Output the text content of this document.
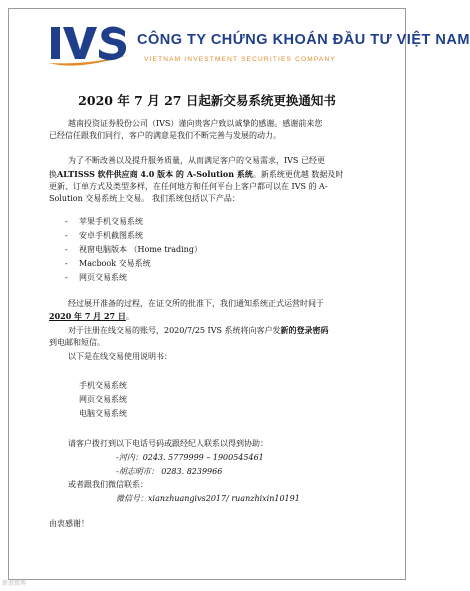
CÔNG TY CHỨNG KHOÁN ĐẦU TƯ VIỆT NAM
VIETNAM INVESTMENT SECURITIES COMPANY
2020 年 7 月 27 日起新交易系统更换通知书
越南投资证券股份公司（IVS）谨向贵客户致以诚挚的感谢。感谢前来您
已经信任跟我们同行，客户的满意是我们不断完善与发展的动力。
为了不断改善以及提升服务质量，从而满足客户的交易需求，IVS 已经更
换ALTISSS 软件供应商 4.0 版本 的 A-Solution 系统。新系统更优越 数据及时
更新、订单方式及类型多样，在任何地方和任何平台上客户都可以在 IVS 的 A-
Solution 交易系统上交易。 我们系统包括以下产品：
- 苹果手机交易系统
- 安卓手机截图系统
- 视窗电脑版本 （Home trading）
- Macbook 交易系统
- 网页交易系统
经过展开准备的过程，在证交所的批准下，我们通知系统正式运营时间于
2020 年 7 月 27 日。
对于注册在线交易的账号，2020/7/25 IVS 系统将向客户发新的登录密码
到电邮和短信。
以下是在线交易使用说明书：
手机交易系统
网页交易系统
电脑交易系统
请客户拨打到以下电话号码或跟经纪人联系以得到协助：
-河内：0243. 5779999 – 1900545461
-胡志明市： 0283. 8239966
或者跟我们微信联系：
微信号：xianzhuangivs2017/ ruanzhixin10191
由衷感谢！
新浪微博
